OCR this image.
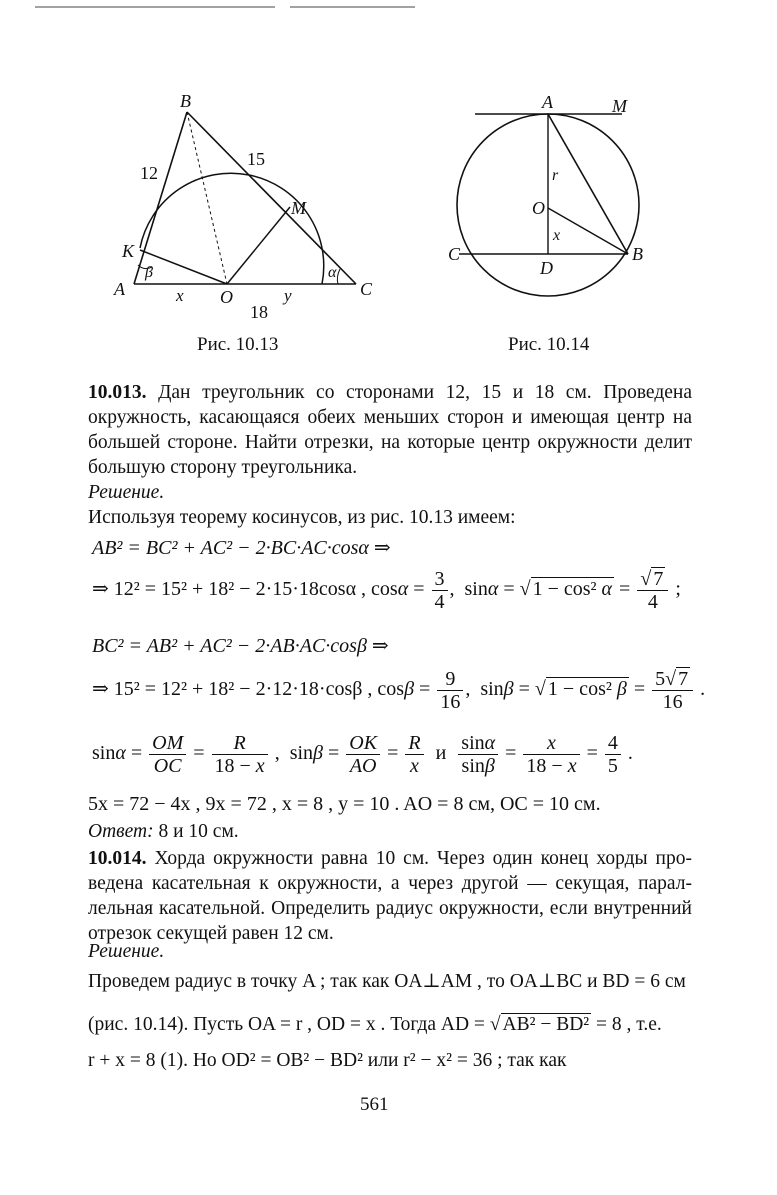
B
12
15
M
K
β	α
A	x O	y	C
18
Рис. 10.13
A	M
r
O
x
C
D
B
Рис. 10.14
10.013. Дан треугольник со сторонами 12, 15 и 18 см. Проведена
окружность, касающаяся обеих меньших сторон и имеющая центр на
большей стороне. Найти отрезки, на которые центр окружности делит
большую сторону треугольника.
Решение.
Используя теорему косинусов, из рис. 10.13 имеем:
AB² = BC² + AC² − 2·BC·AC·cosα ⇒
⇒ 12² = 15² + 18² − 2·15·18cosα , $\cos\alpha = \frac{3}{4}$ ,  sinα = √ 1 − cos² $\alpha = \frac{√ 7}{4}$ ;
BC² = AB² + AC² − 2·AB·AC·cosβ ⇒
⇒ 15² = 12² + 18² − 2·12·18·cosβ , $\cos\beta = \frac{9}{16}$ ,  sinβ = √ 1 − cos² $\beta = \frac{5√ 7}{16}$ .
$\sin\alpha = \frac{OM}{OC} = \frac{R}{18 - x}$ ,  $\sin\beta = \frac{OK}{AO} = \frac{R}{x}$ и $\frac{\sin\alpha}{\sin\beta} = \frac{x}{18 - x} = \frac{4}{5}$ .
5x = 72 − 4x , 9x = 72 , x = 8 , y = 10 . AO = 8 см, OC = 10 см.
Ответ: 8 и 10 см.
10.014. Хорда окружности равна 10 см. Через один конец хорды про-
ведена касательная к окружности, а через другой — секущая, парал-
лельная касательной. Определить радиус окружности, если внутренний
отрезок секущей равен 12 см.
Решение.
Проведем радиус в точку A ; так как OA⊥AM , то OA⊥BC и BD = 6 см
(рис. 10.14). Пусть OA = r , OD = x . Тогда AD = √ AB² − BD² = 8 , т.е.
r + x = 8 (1). Но OD² = OB² − BD² или r² − x² = 36 ; так как
561
